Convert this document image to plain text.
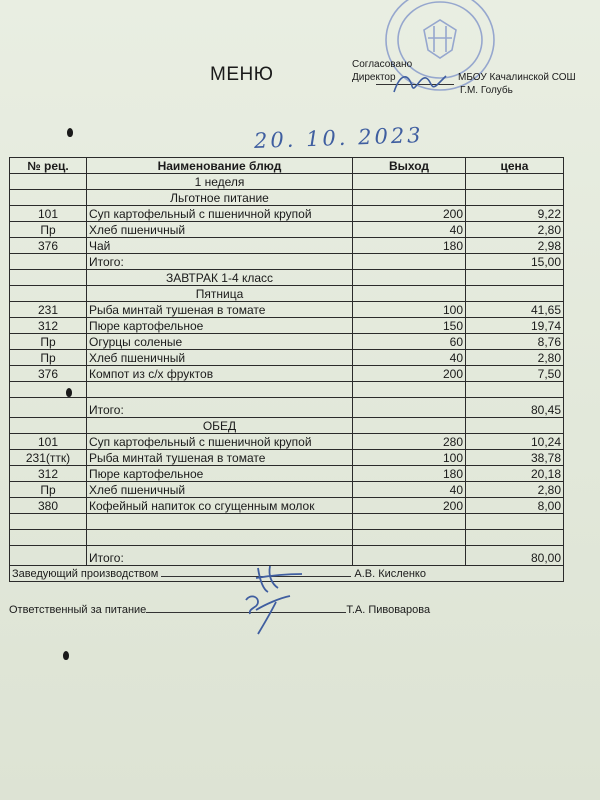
МЕНЮ	Согласовано
Директор	МБОУ Качалинской СОШ
Г.М. Голубь
20. 10. 2023
№ рец.	Наименование блюд	Выход	цена
	1 неделя		
	Льготное питание		
101	Суп картофельный с пшеничной крупой	200	9,22
Пр	Хлеб пшеничный	40	2,80
376	Чай	180	2,98
	Итого:		15,00
	ЗАВТРАК 1-4 класс		
	Пятница		
231	Рыба минтай тушеная в томате	100	41,65
312	Пюре картофельное	150	19,74
Пр	Огурцы соленые	60	8,76
Пр	Хлеб пшеничный	40	2,80
376	Компот из с/х фруктов	200	7,50

	Итого:		80,45
	ОБЕД		
101	Суп картофельный с пшеничной крупой	280	10,24
231(ттк)	Рыба минтай тушеная в томате	100	38,78
312	Пюре картофельное	180	20,18
Пр	Хлеб пшеничный	40	2,80
380	Кофейный напиток со сгущенным молок	200	8,00

	Итого:		80,00
Заведующий производством А.В. Кисленко			
Ответственный за питание	Т.А. Пивоварова
